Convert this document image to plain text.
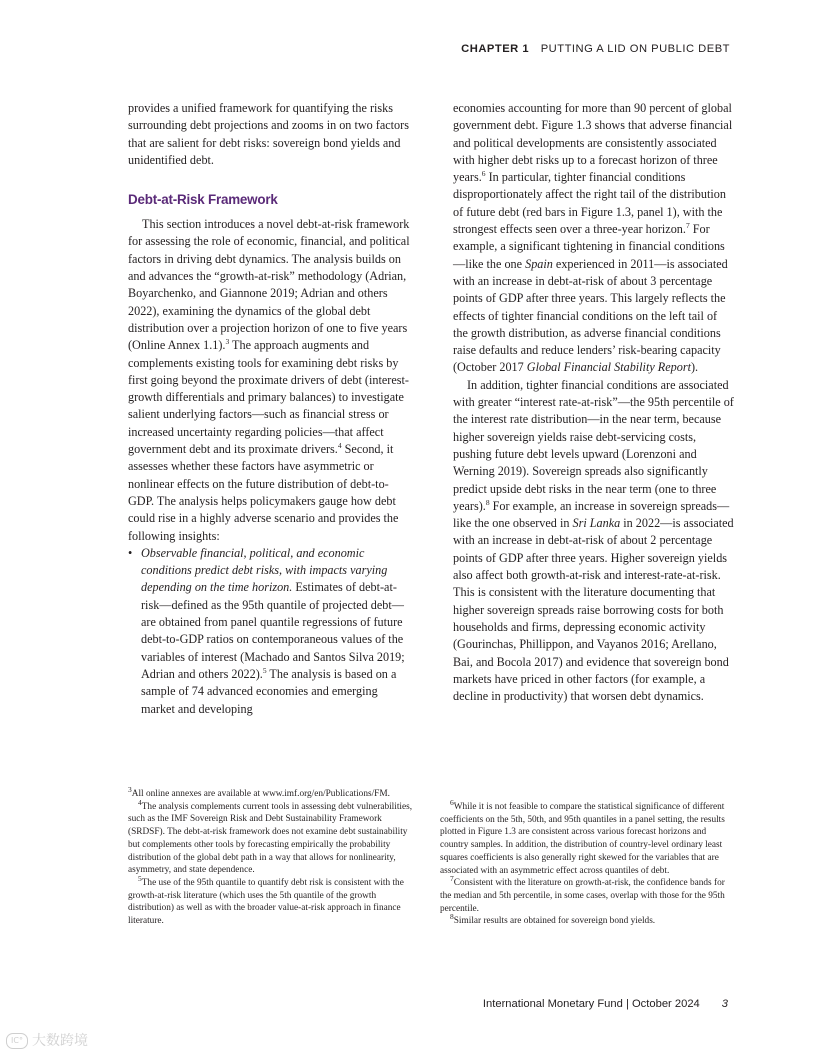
CHAPTER 1 PUTTING A LID ON PUBLIC DEBT

provides a unified framework for quantifying the risks surrounding debt projections and zooms in on two factors that are salient for debt risks: sovereign bond yields and unidentified debt.

Debt-at-Risk Framework

This section introduces a novel debt-at-risk framework for assessing the role of economic, financial, and political factors in driving debt dynamics. The analysis builds on and advances the “growth-at-risk” methodology (Adrian, Boyarchenko, and Giannone 2019; Adrian and others 2022), examining the dynamics of the global debt distribution over a projection horizon of one to five years (Online Annex 1.1).$^3$ The approach augments and complements existing tools for examining debt risks by first going beyond the proximate drivers of debt (interest-growth differentials and primary balances) to investigate salient underlying factors—such as financial stress or increased uncertainty regarding policies—that affect government debt and its proximate drivers.$^4$ Second, it assesses whether these factors have asymmetric or nonlinear effects on the future distribution of debt-to-GDP. The analysis helps policymakers gauge how debt could rise in a highly adverse scenario and provides the following insights:

• Observable financial, political, and economic conditions predict debt risks, with impacts varying depending on the time horizon. Estimates of debt-at-risk—defined as the 95th quantile of projected debt—are obtained from panel quantile regressions of future debt-to-GDP ratios on contemporaneous values of the variables of interest (Machado and Santos Silva 2019; Adrian and others 2022).$^5$ The analysis is based on a sample of 74 advanced economies and emerging market and developing

economies accounting for more than 90 percent of global government debt. Figure 1.3 shows that adverse financial and political developments are consistently associated with higher debt risks up to a forecast horizon of three years.$^6$ In particular, tighter financial conditions disproportionately affect the right tail of the distribution of future debt (red bars in Figure 1.3, panel 1), with the strongest effects seen over a three-year horizon.$^7$ For example, a significant tightening in financial conditions—like the one Spain experienced in 2011—is associated with an increase in debt-at-risk of about 3 percentage points of GDP after three years. This largely reflects the effects of tighter financial conditions on the left tail of the growth distribution, as adverse financial conditions raise defaults and reduce lenders’ risk-bearing capacity (October 2017 Global Financial Stability Report).

In addition, tighter financial conditions are associated with greater “interest rate-at-risk”—the 95th percentile of the interest rate distribution—in the near term, because higher sovereign yields raise debt-servicing costs, pushing future debt levels upward (Lorenzoni and Werning 2019). Sovereign spreads also significantly predict upside debt risks in the near term (one to three years).$^8$ For example, an increase in sovereign spreads—like the one observed in Sri Lanka in 2022—is associated with an increase in debt-at-risk of about 2 percentage points of GDP after three years. Higher sovereign yields also affect both growth-at-risk and interest-rate-at-risk. This is consistent with the literature documenting that higher sovereign spreads raise borrowing costs for both households and firms, depressing economic activity (Gourinchas, Phillippon, and Vayanos 2016; Arellano, Bai, and Bocola 2017) and evidence that sovereign bond markets have priced in other factors (for example, a decline in productivity) that worsen debt dynamics.

$^3$All online annexes are available at www.imf.org/en/Publications/FM.

$^4$The analysis complements current tools in assessing debt vulnerabilities, such as the IMF Sovereign Risk and Debt Sustainability Framework (SRDSF). The debt-at-risk framework does not examine debt sustainability but complements other tools by forecasting empirically the probability distribution of the global debt path in a way that allows for nonlinearity, asymmetry, and state dependence.

$^5$The use of the 95th quantile to quantify debt risk is consistent with the growth-at-risk literature (which uses the 5th quantile of the growth distribution) as well as with the broader value-at-risk approach in finance literature.

$^6$While it is not feasible to compare the statistical significance of different coefficients on the 5th, 50th, and 95th quantiles in a panel setting, the results plotted in Figure 1.3 are consistent across various forecast horizons and country samples. In addition, the distribution of country-level ordinary least squares coefficients is also generally right skewed for the variables that are associated with an asymmetric effect across quantiles of debt.

$^7$Consistent with the literature on growth-at-risk, the confidence bands for the median and 5th percentile, in some cases, overlap with those for the 95th percentile.

$^8$Similar results are obtained for sovereign bond yields.

International Monetary Fund | October 2024 3
IC° 大数跨境
